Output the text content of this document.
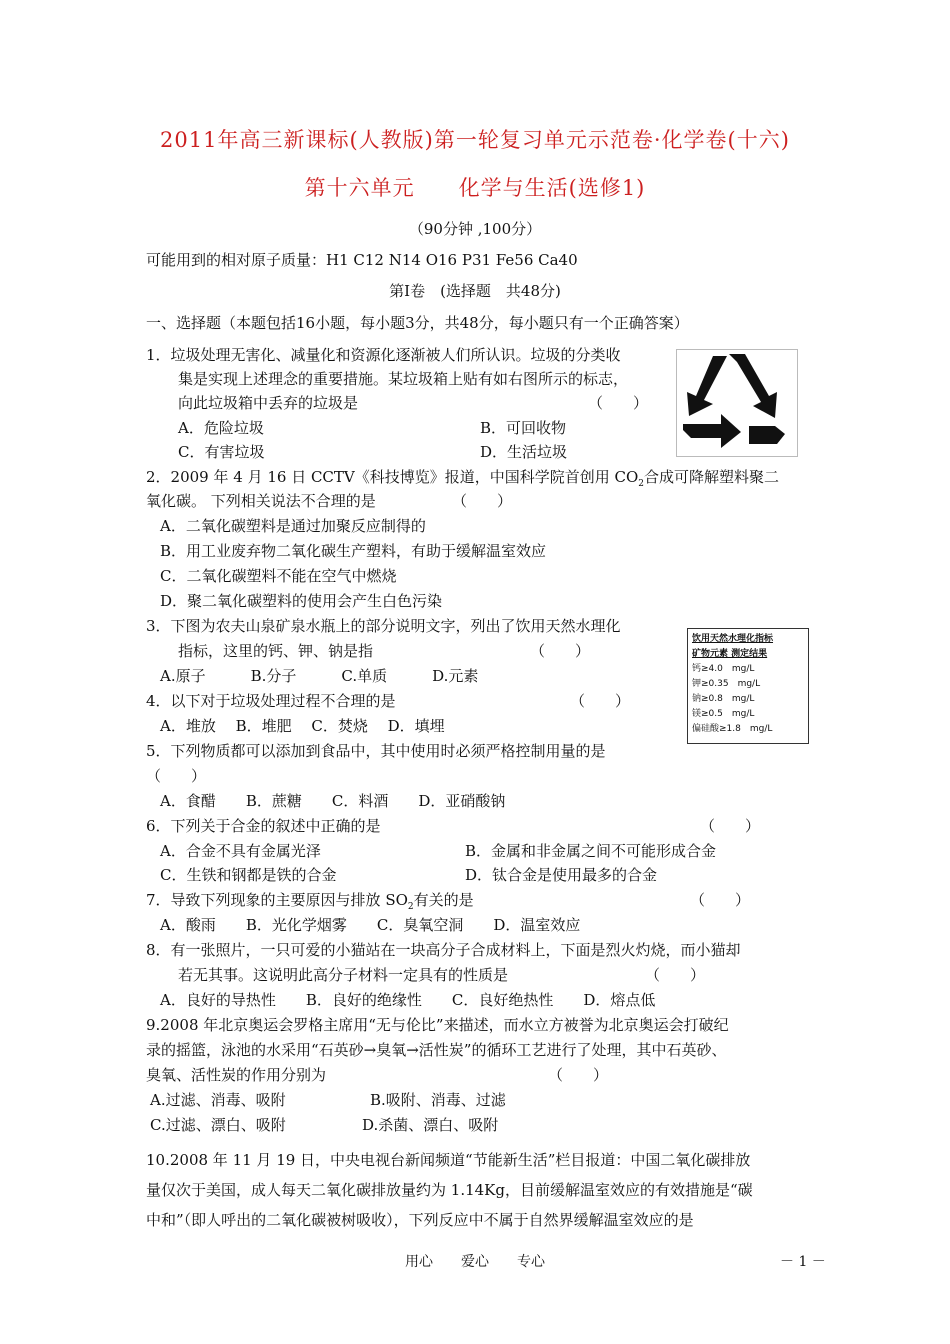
2011年高三新课标(人教版)第一轮复习单元示范卷·化学卷(十六)
第十六单元　　化学与生活(选修1)
（90分钟 ,100分）
可能用到的相对原子质量：H1 C12 N14 O16 P31 Fe56 Ca40
第Ⅰ卷　(选择题　共48分)
一、选择题（本题包括16小题，每小题3分，共48分，每小题只有一个正确答案）
1．垃圾处理无害化、减量化和资源化逐渐被人们所认识。垃圾的分类收
集是实现上述理念的重要措施。某垃圾箱上贴有如右图所示的标志，
向此垃圾箱中丢弃的垃圾是	（　　）
A．危险垃圾	B．可回收物
C．有害垃圾	D．生活垃圾
2．2009 年 4 月 16 日 CCTV《科技博览》报道，中国科学院首创用 $CO_2$合成可降解塑料聚二
氧化碳。 下列相关说法不合理的是	（　　）
A．二氧化碳塑料是通过加聚反应制得的
B．用工业废弃物二氧化碳生产塑料，有助于缓解温室效应
C．二氧化碳塑料不能在空气中燃烧
D．聚二氧化碳塑料的使用会产生白色污染
3．下图为农夫山泉矿泉水瓶上的部分说明文字，列出了饮用天然水理化
指标，这里的钙、钾、钠是指	（　　）
A.原子　　　B.分子　　　C.单质　　　D.元素
饮用天然水理化指标
矿物元素 测定结果
钙≥4.0　mg/L
钾≥0.35　mg/L
钠≥0.8　mg/L
镁≥0.5　mg/L
偏硅酸≥1.8　mg/L
4．以下对于垃圾处理过程不合理的是	（　　）
A．堆放　 B．堆肥　 C．焚烧　 D．填埋
5．下列物质都可以添加到食品中，其中使用时必须严格控制用量的是
（　　）
A．食醋　　B．蔗糖　　C．料酒　　D．亚硝酸钠
6．下列关于合金的叙述中正确的是	（　　）
A．合金不具有金属光泽	B．金属和非金属之间不可能形成合金
C．生铁和钢都是铁的合金	D．钛合金是使用最多的合金
7．导致下列现象的主要原因与排放 $SO_2$有关的是	（　　）
A．酸雨　　B．光化学烟雾　　C．臭氧空洞　　D．温室效应
8．有一张照片，一只可爱的小猫站在一块高分子合成材料上，下面是烈火灼烧，而小猫却
若无其事。这说明此高分子材料一定具有的性质是	（　　）
A．良好的导热性　　B．良好的绝缘性　　C．良好绝热性　　D．熔点低
9.2008 年北京奥运会罗格主席用“无与伦比”来描述，而水立方被誉为北京奥运会打破纪
录的摇篮，泳池的水采用“石英砂→臭氧→活性炭”的循环工艺进行了处理，其中石英砂、
臭氧、活性炭的作用分别为	（　　）
A.过滤、消毒、吸附	B.吸附、消毒、过滤
C.过滤、漂白、吸附	D.杀菌、漂白、吸附
10.2008 年 11 月 19 日，中央电视台新闻频道“节能新生活”栏目报道：中国二氧化碳排放
量仅次于美国，成人每天二氧化碳排放量约为 1.14Kg，目前缓解温室效应的有效措施是“碳
中和”（即人呼出的二氧化碳被树吸收），下列反应中不属于自然界缓解温室效应的是
用心　　爱心　　专心	－ 1 －
